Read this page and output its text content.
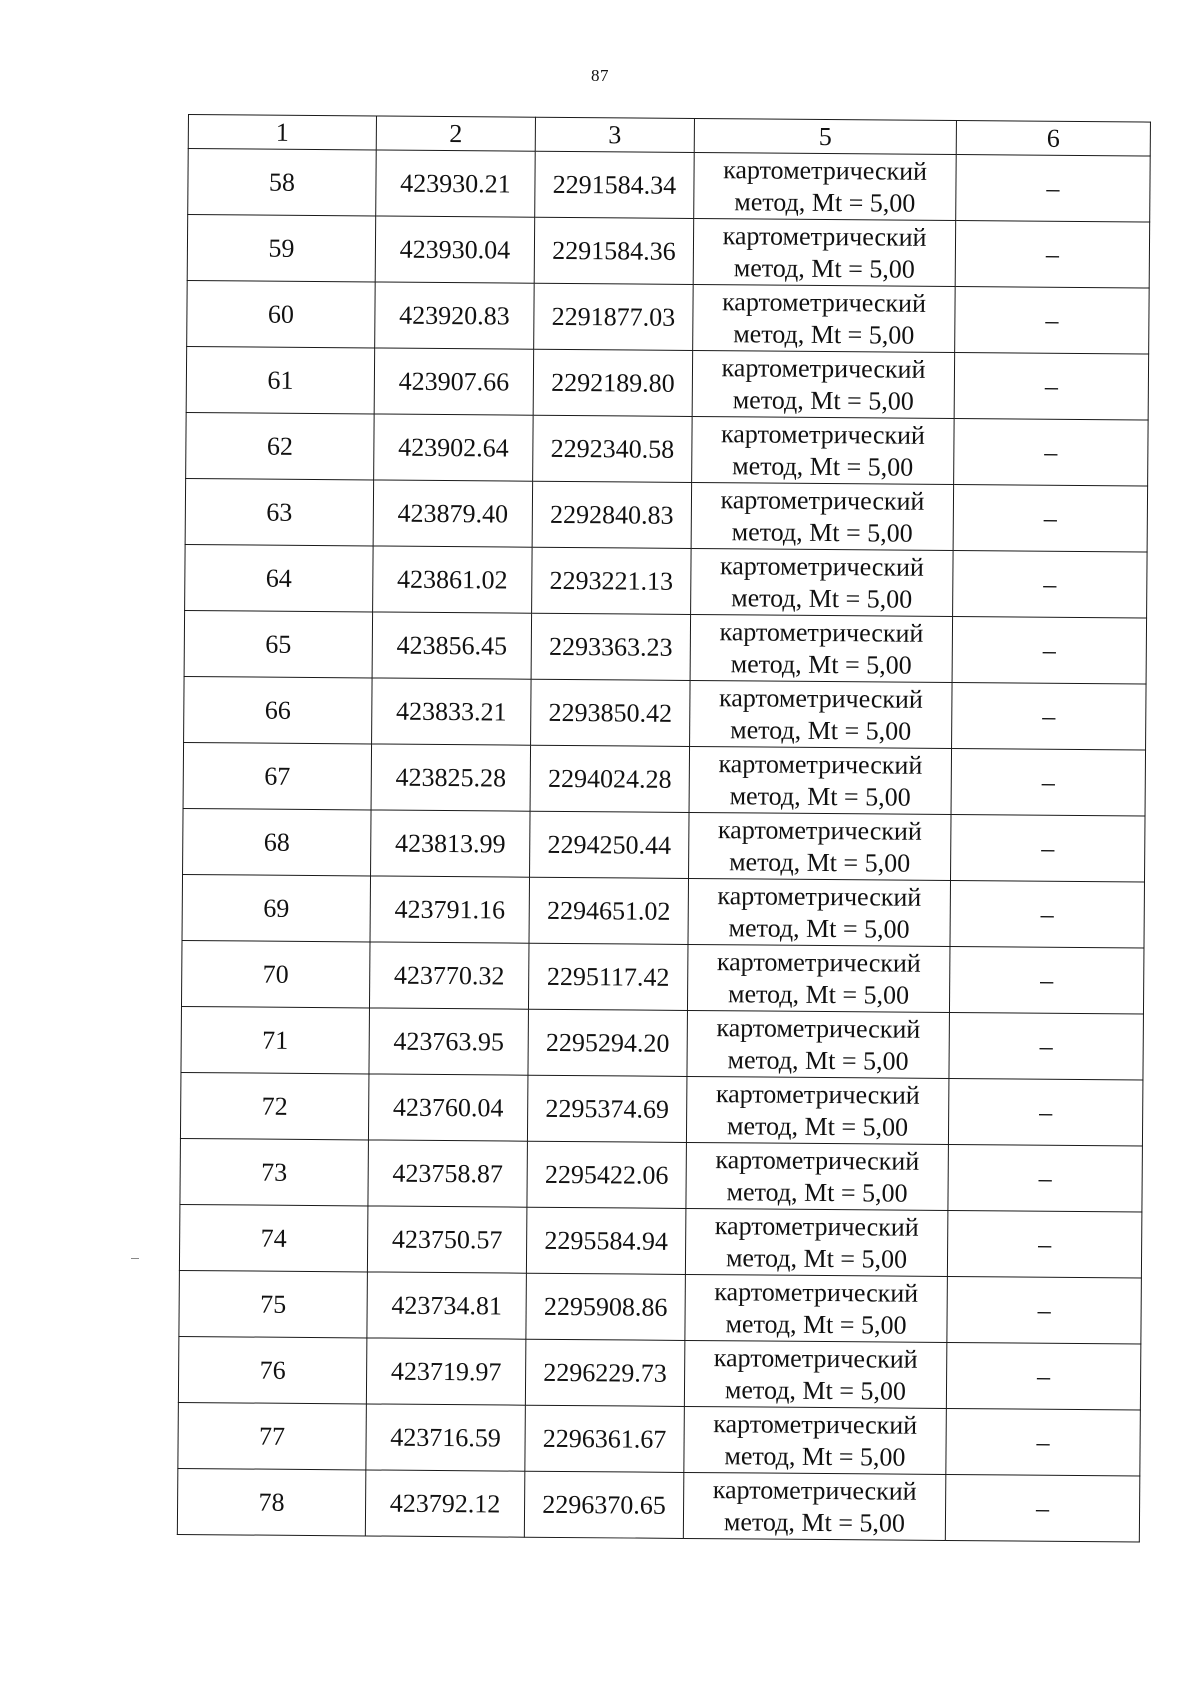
87
1	2	3	5	6
58	423930.21	2291584.34	картометрический
метод, Mt = 5,00	–
59	423930.04	2291584.36	картометрический
метод, Mt = 5,00	–
60	423920.83	2291877.03	картометрический
метод, Mt = 5,00	–
61	423907.66	2292189.80	картометрический
метод, Mt = 5,00	–
62	423902.64	2292340.58	картометрический
метод, Mt = 5,00	–
63	423879.40	2292840.83	картометрический
метод, Mt = 5,00	–
64	423861.02	2293221.13	картометрический
метод, Mt = 5,00	–
65	423856.45	2293363.23	картометрический
метод, Mt = 5,00	–
66	423833.21	2293850.42	картометрический
метод, Mt = 5,00	–
67	423825.28	2294024.28	картометрический
метод, Mt = 5,00	–
68	423813.99	2294250.44	картометрический
метод, Mt = 5,00	–
69	423791.16	2294651.02	картометрический
метод, Mt = 5,00	–
70	423770.32	2295117.42	картометрический
метод, Mt = 5,00	–
71	423763.95	2295294.20	картометрический
метод, Mt = 5,00	–
72	423760.04	2295374.69	картометрический
метод, Mt = 5,00	–
73	423758.87	2295422.06	картометрический
метод, Mt = 5,00	–
74	423750.57	2295584.94	картометрический
метод, Mt = 5,00	–
75	423734.81	2295908.86	картометрический
метод, Mt = 5,00	–
76	423719.97	2296229.73	картометрический
метод, Mt = 5,00	–
77	423716.59	2296361.67	картометрический
метод, Mt = 5,00	–
78	423792.12	2296370.65	картометрический
метод, Mt = 5,00	–
